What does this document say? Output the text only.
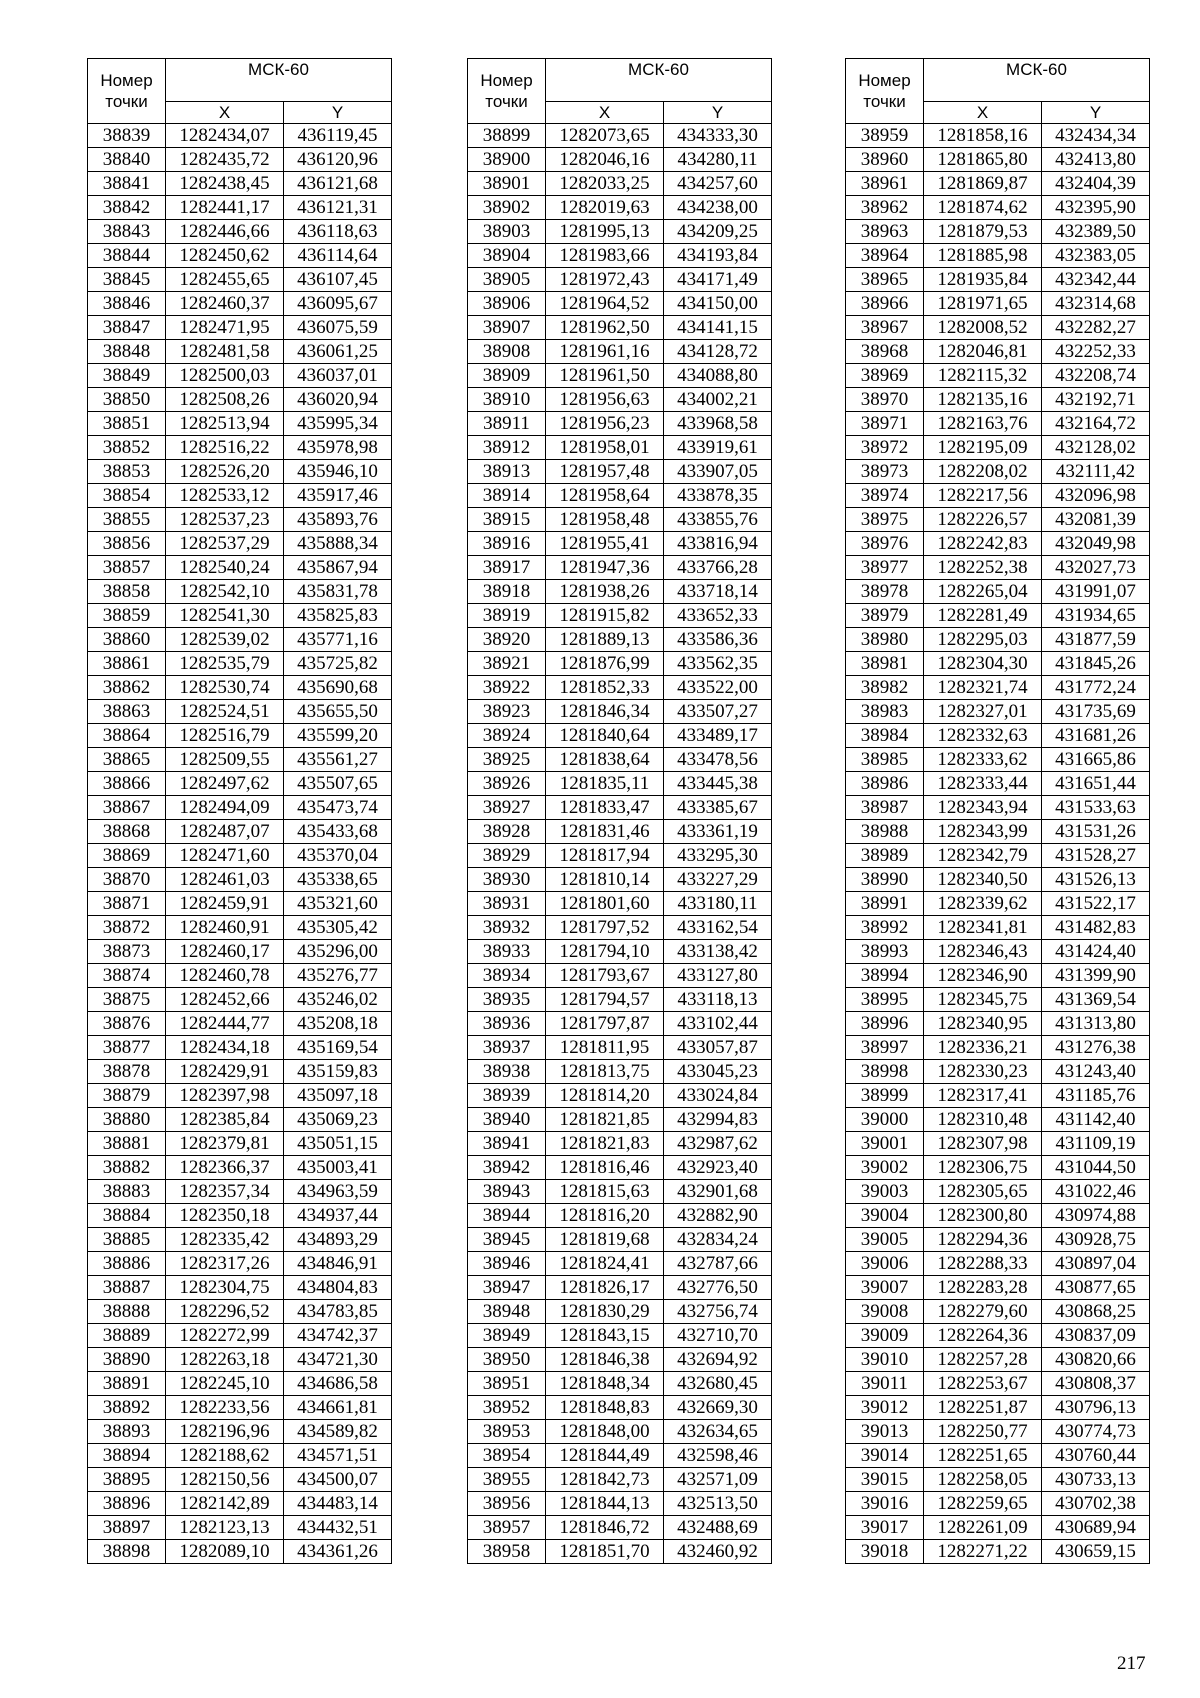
Номер
точки	МСК-60	
	X	Y
38839	1282434,07	436119,45
38840	1282435,72	436120,96
38841	1282438,45	436121,68
38842	1282441,17	436121,31
38843	1282446,66	436118,63
38844	1282450,62	436114,64
38845	1282455,65	436107,45
38846	1282460,37	436095,67
38847	1282471,95	436075,59
38848	1282481,58	436061,25
38849	1282500,03	436037,01
38850	1282508,26	436020,94
38851	1282513,94	435995,34
38852	1282516,22	435978,98
38853	1282526,20	435946,10
38854	1282533,12	435917,46
38855	1282537,23	435893,76
38856	1282537,29	435888,34
38857	1282540,24	435867,94
38858	1282542,10	435831,78
38859	1282541,30	435825,83
38860	1282539,02	435771,16
38861	1282535,79	435725,82
38862	1282530,74	435690,68
38863	1282524,51	435655,50
38864	1282516,79	435599,20
38865	1282509,55	435561,27
38866	1282497,62	435507,65
38867	1282494,09	435473,74
38868	1282487,07	435433,68
38869	1282471,60	435370,04
38870	1282461,03	435338,65
38871	1282459,91	435321,60
38872	1282460,91	435305,42
38873	1282460,17	435296,00
38874	1282460,78	435276,77
38875	1282452,66	435246,02
38876	1282444,77	435208,18
38877	1282434,18	435169,54
38878	1282429,91	435159,83
38879	1282397,98	435097,18
38880	1282385,84	435069,23
38881	1282379,81	435051,15
38882	1282366,37	435003,41
38883	1282357,34	434963,59
38884	1282350,18	434937,44
38885	1282335,42	434893,29
38886	1282317,26	434846,91
38887	1282304,75	434804,83
38888	1282296,52	434783,85
38889	1282272,99	434742,37
38890	1282263,18	434721,30
38891	1282245,10	434686,58
38892	1282233,56	434661,81
38893	1282196,96	434589,82
38894	1282188,62	434571,51
38895	1282150,56	434500,07
38896	1282142,89	434483,14
38897	1282123,13	434432,51
38898	1282089,10	434361,26
Номер
точки	МСК-60	
	X	Y
38899	1282073,65	434333,30
38900	1282046,16	434280,11
38901	1282033,25	434257,60
38902	1282019,63	434238,00
38903	1281995,13	434209,25
38904	1281983,66	434193,84
38905	1281972,43	434171,49
38906	1281964,52	434150,00
38907	1281962,50	434141,15
38908	1281961,16	434128,72
38909	1281961,50	434088,80
38910	1281956,63	434002,21
38911	1281956,23	433968,58
38912	1281958,01	433919,61
38913	1281957,48	433907,05
38914	1281958,64	433878,35
38915	1281958,48	433855,76
38916	1281955,41	433816,94
38917	1281947,36	433766,28
38918	1281938,26	433718,14
38919	1281915,82	433652,33
38920	1281889,13	433586,36
38921	1281876,99	433562,35
38922	1281852,33	433522,00
38923	1281846,34	433507,27
38924	1281840,64	433489,17
38925	1281838,64	433478,56
38926	1281835,11	433445,38
38927	1281833,47	433385,67
38928	1281831,46	433361,19
38929	1281817,94	433295,30
38930	1281810,14	433227,29
38931	1281801,60	433180,11
38932	1281797,52	433162,54
38933	1281794,10	433138,42
38934	1281793,67	433127,80
38935	1281794,57	433118,13
38936	1281797,87	433102,44
38937	1281811,95	433057,87
38938	1281813,75	433045,23
38939	1281814,20	433024,84
38940	1281821,85	432994,83
38941	1281821,83	432987,62
38942	1281816,46	432923,40
38943	1281815,63	432901,68
38944	1281816,20	432882,90
38945	1281819,68	432834,24
38946	1281824,41	432787,66
38947	1281826,17	432776,50
38948	1281830,29	432756,74
38949	1281843,15	432710,70
38950	1281846,38	432694,92
38951	1281848,34	432680,45
38952	1281848,83	432669,30
38953	1281848,00	432634,65
38954	1281844,49	432598,46
38955	1281842,73	432571,09
38956	1281844,13	432513,50
38957	1281846,72	432488,69
38958	1281851,70	432460,92
Номер
точки	МСК-60	
	X	Y
38959	1281858,16	432434,34
38960	1281865,80	432413,80
38961	1281869,87	432404,39
38962	1281874,62	432395,90
38963	1281879,53	432389,50
38964	1281885,98	432383,05
38965	1281935,84	432342,44
38966	1281971,65	432314,68
38967	1282008,52	432282,27
38968	1282046,81	432252,33
38969	1282115,32	432208,74
38970	1282135,16	432192,71
38971	1282163,76	432164,72
38972	1282195,09	432128,02
38973	1282208,02	432111,42
38974	1282217,56	432096,98
38975	1282226,57	432081,39
38976	1282242,83	432049,98
38977	1282252,38	432027,73
38978	1282265,04	431991,07
38979	1282281,49	431934,65
38980	1282295,03	431877,59
38981	1282304,30	431845,26
38982	1282321,74	431772,24
38983	1282327,01	431735,69
38984	1282332,63	431681,26
38985	1282333,62	431665,86
38986	1282333,44	431651,44
38987	1282343,94	431533,63
38988	1282343,99	431531,26
38989	1282342,79	431528,27
38990	1282340,50	431526,13
38991	1282339,62	431522,17
38992	1282341,81	431482,83
38993	1282346,43	431424,40
38994	1282346,90	431399,90
38995	1282345,75	431369,54
38996	1282340,95	431313,80
38997	1282336,21	431276,38
38998	1282330,23	431243,40
38999	1282317,41	431185,76
39000	1282310,48	431142,40
39001	1282307,98	431109,19
39002	1282306,75	431044,50
39003	1282305,65	431022,46
39004	1282300,80	430974,88
39005	1282294,36	430928,75
39006	1282288,33	430897,04
39007	1282283,28	430877,65
39008	1282279,60	430868,25
39009	1282264,36	430837,09
39010	1282257,28	430820,66
39011	1282253,67	430808,37
39012	1282251,87	430796,13
39013	1282250,77	430774,73
39014	1282251,65	430760,44
39015	1282258,05	430733,13
39016	1282259,65	430702,38
39017	1282261,09	430689,94
39018	1282271,22	430659,15
217
